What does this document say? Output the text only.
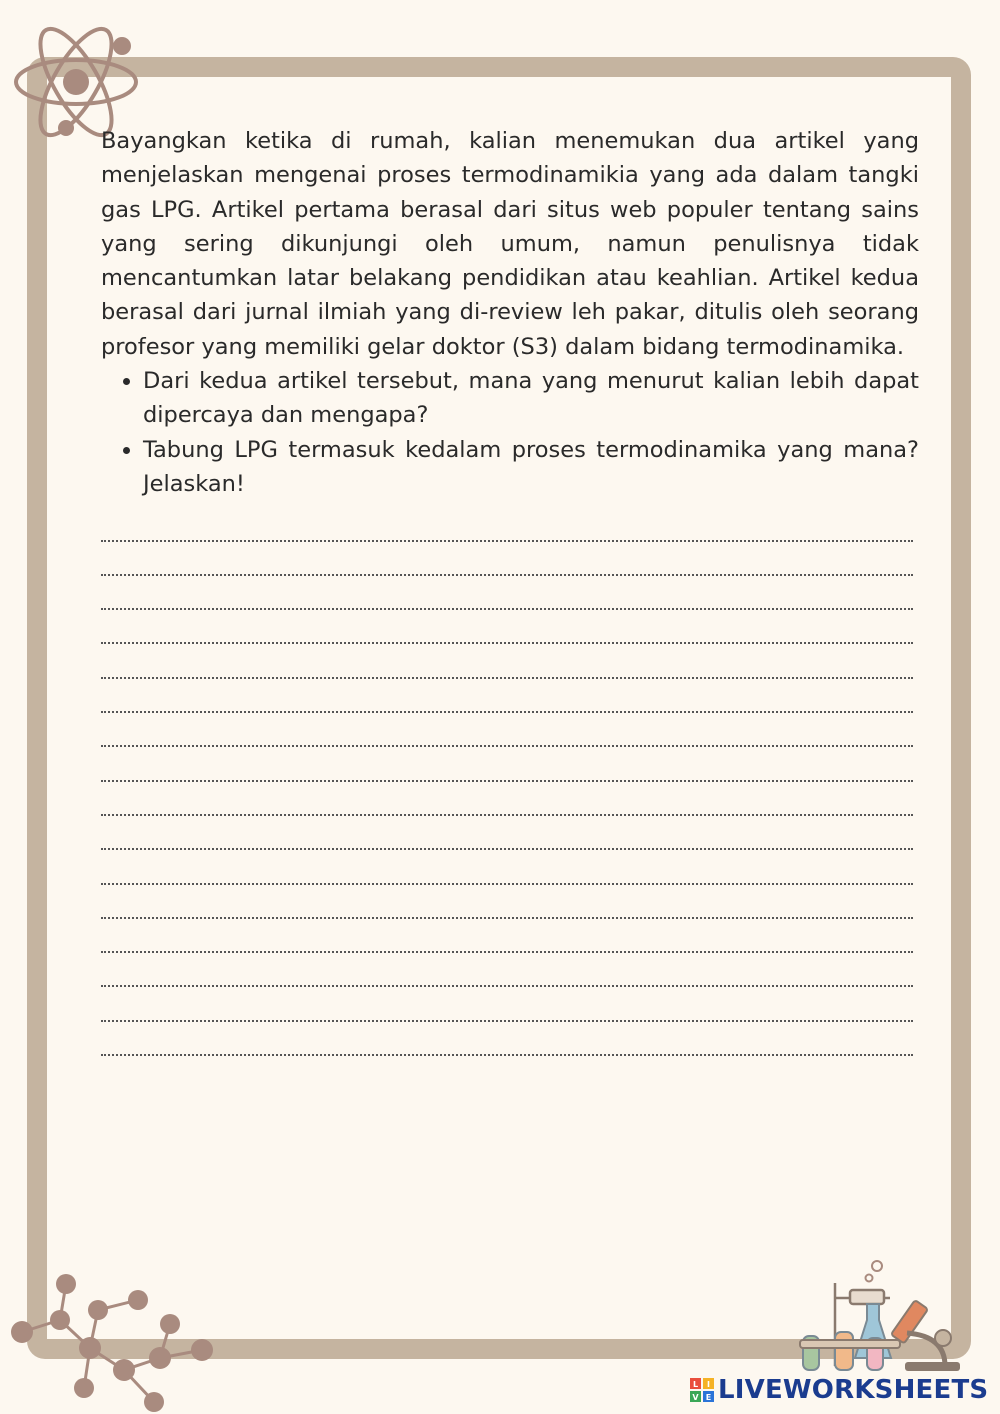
Bayangkan ketika di rumah, kalian menemukan dua artikel yang menjelaskan mengenai proses termodinamikia yang ada dalam tangki gas LPG. Artikel pertama berasal dari situs web populer tentang sains yang sering dikunjungi oleh umum, namun penulisnya tidak mencantumkan latar belakang pendidikan atau keahlian. Artikel kedua berasal dari jurnal ilmiah yang di-review leh pakar, ditulis oleh seorang profesor yang memiliki gelar doktor (S3) dalam bidang termodinamika.

• Dari kedua artikel tersebut, mana yang menurut kalian lebih dapat dipercaya dan mengapa?
• Tabung LPG termasuk kedalam proses termodinamika yang mana? Jelaskan!
L I
V E LIVEWORKSHEETS
